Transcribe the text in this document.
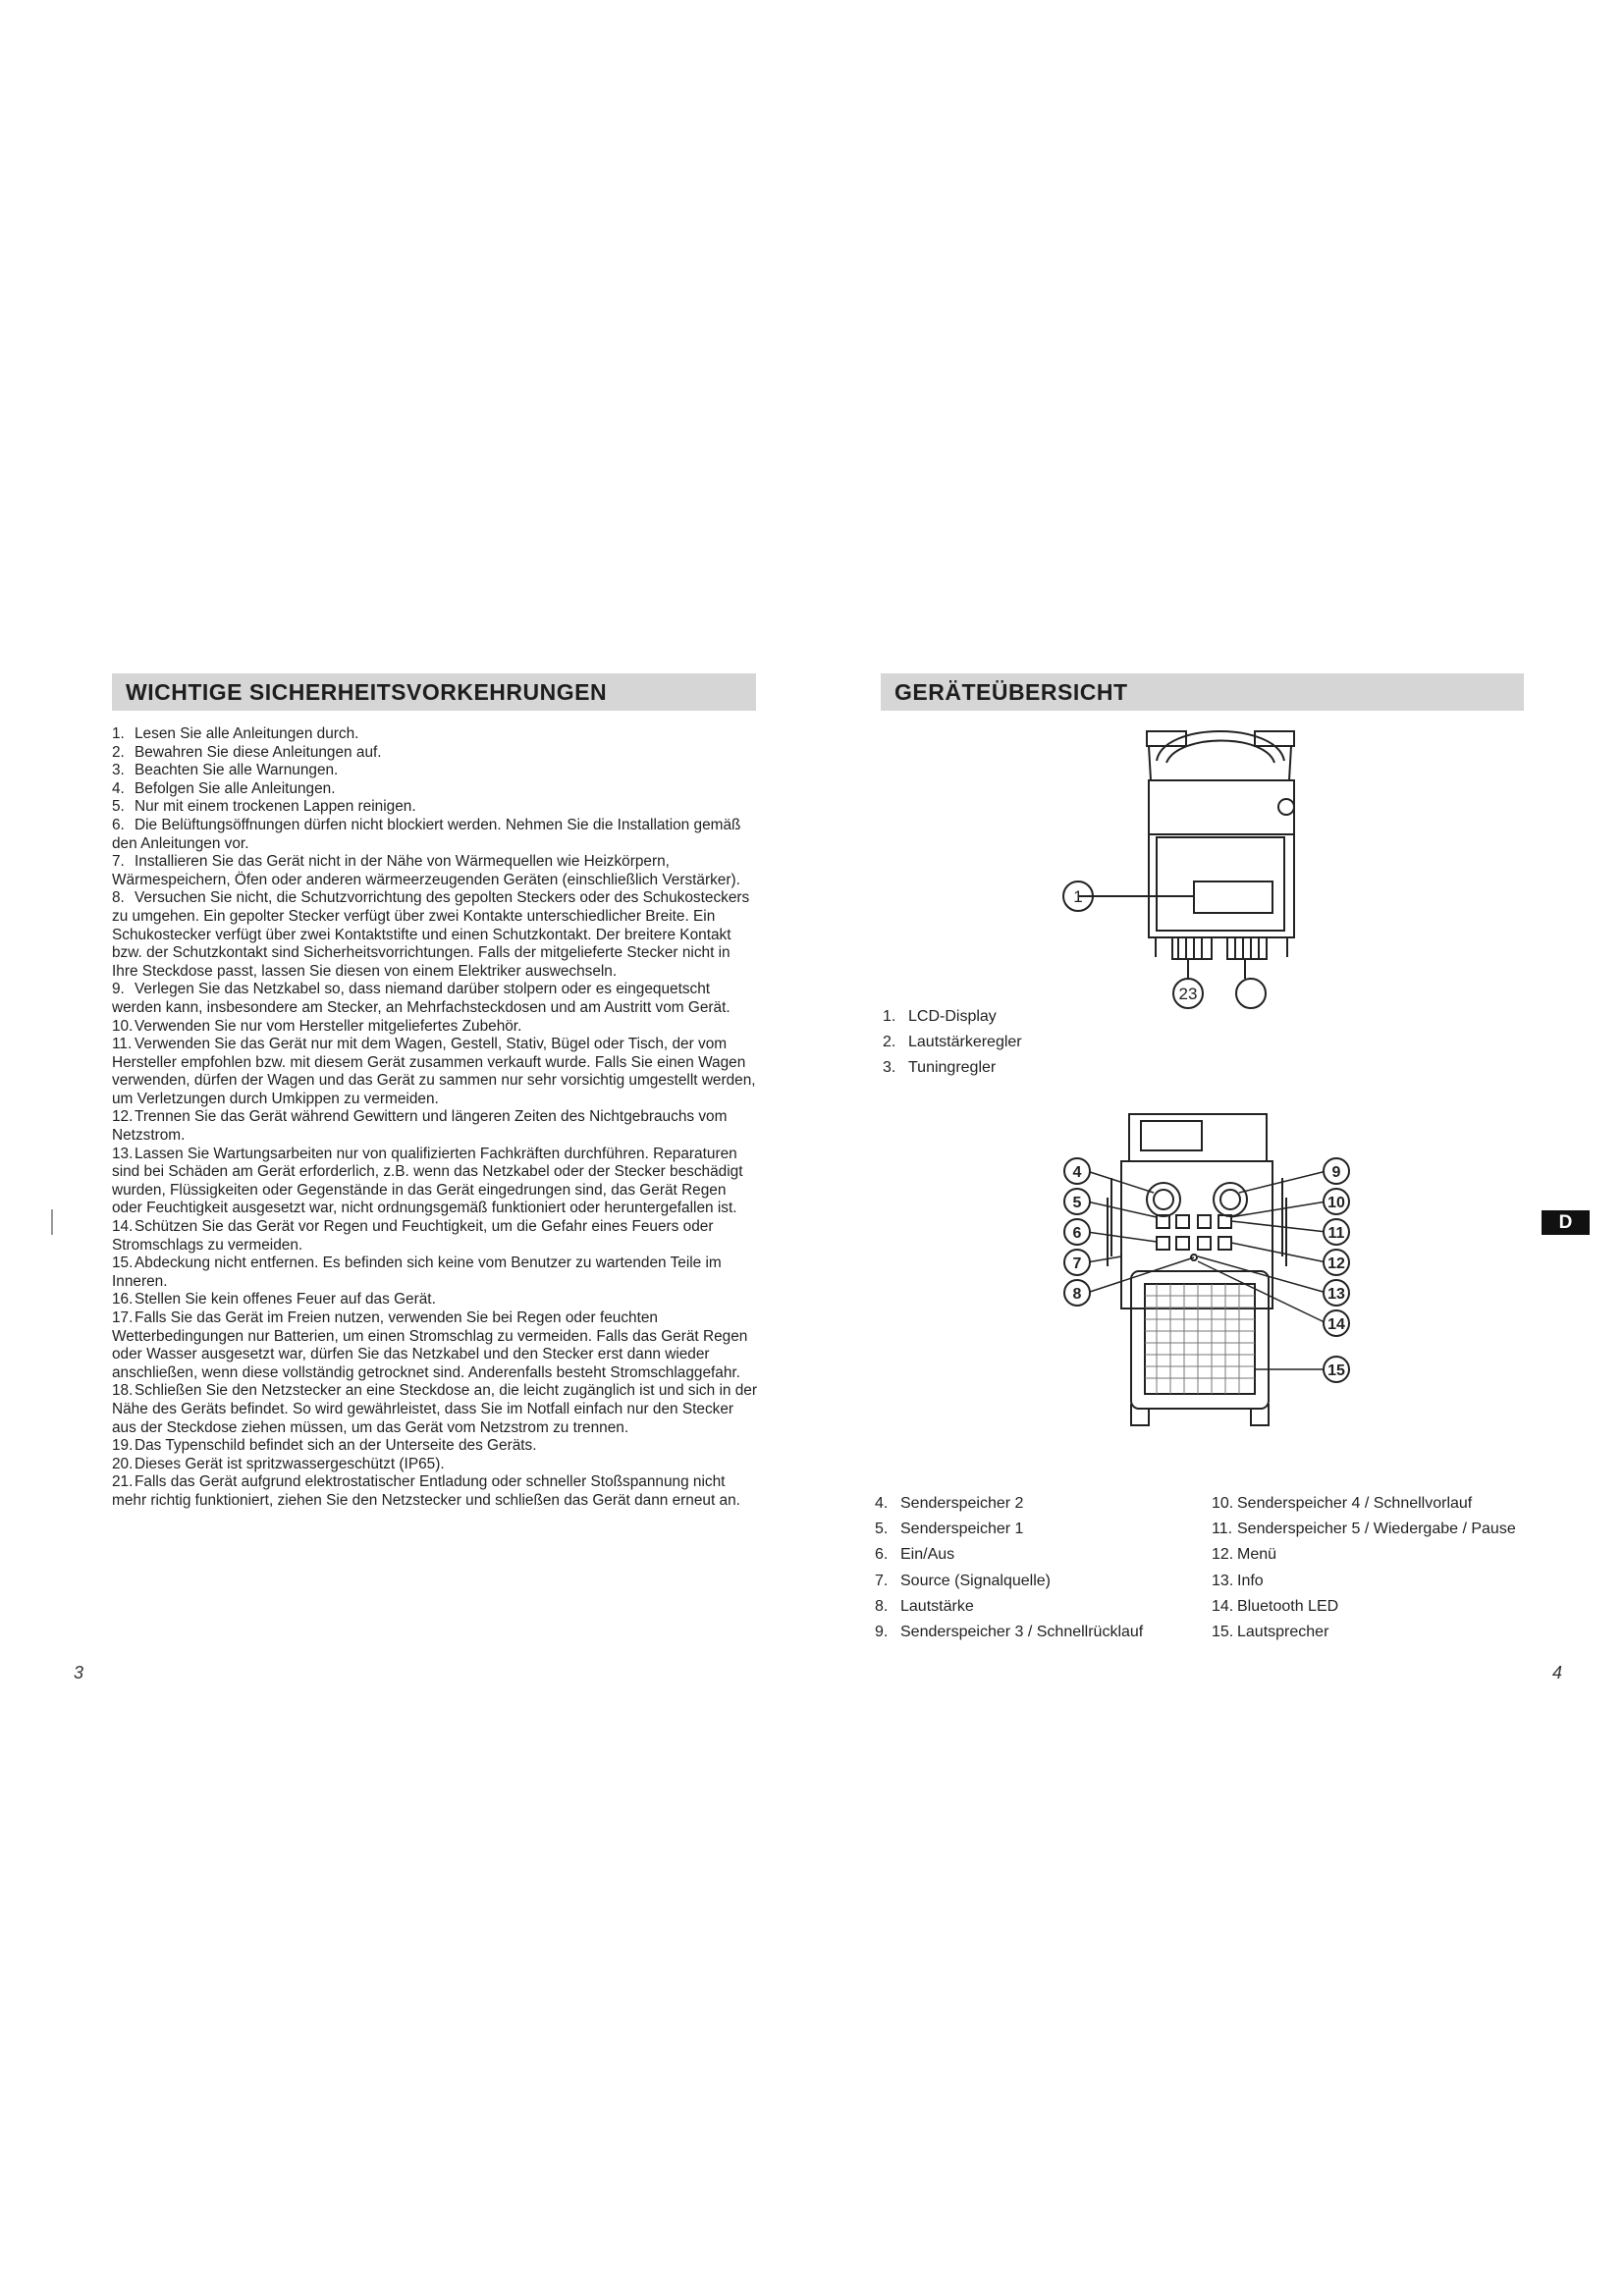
WICHTIGE SICHERHEITSVORKEHRUNGEN
1. Lesen Sie alle Anleitungen durch.
2. Bewahren Sie diese Anleitungen auf.
3. Beachten Sie alle Warnungen.
4. Befolgen Sie alle Anleitungen.
5. Nur mit einem trockenen Lappen reinigen.
6. Die Belüftungsöffnungen dürfen nicht blockiert werden. Nehmen Sie die Installation gemäß den Anleitungen vor.
7. Installieren Sie das Gerät nicht in der Nähe von Wärmequellen wie Heizkörpern, Wärmespeichern, Öfen oder anderen wärmeerzeugenden Geräten (einschließlich Verstärker).
8. Versuchen Sie nicht, die Schutzvorrichtung des gepolten Steckers oder des Schukosteckers zu umgehen. Ein gepolter Stecker verfügt über zwei Kontakte unterschiedlicher Breite. Ein Schukostecker verfügt über zwei Kontaktstifte und einen Schutzkontakt. Der breitere Kontakt bzw. der Schutzkontakt sind Sicherheitsvorrichtungen. Falls der mitgelieferte Stecker nicht in Ihre Steckdose passt, lassen Sie diesen von einem Elektriker auswechseln.
9. Verlegen Sie das Netzkabel so, dass niemand darüber stolpern oder es eingequetscht werden kann, insbesondere am Stecker, an Mehrfachsteckdosen und am Austritt vom Gerät.
10. Verwenden Sie nur vom Hersteller mitgeliefertes Zubehör.
11. Verwenden Sie das Gerät nur mit dem Wagen, Gestell, Stativ, Bügel oder Tisch, der vom Hersteller empfohlen bzw. mit diesem Gerät zusammen verkauft wurde. Falls Sie einen Wagen verwenden, dürfen der Wagen und das Gerät zu sammen nur sehr vorsichtig umgestellt werden, um Verletzungen durch Umkippen zu vermeiden.
12. Trennen Sie das Gerät während Gewittern und längeren Zeiten des Nichtgebrauchs vom Netzstrom.
13. Lassen Sie Wartungsarbeiten nur von qualifizierten Fachkräften durchführen. Reparaturen sind bei Schäden am Gerät erforderlich, z.B. wenn das Netzkabel oder der Stecker beschädigt wurden, Flüssigkeiten oder Gegenstände in das Gerät eingedrungen sind, das Gerät Regen oder Feuchtigkeit ausgesetzt war, nicht ordnungsgemäß funktioniert oder heruntergefallen ist.
14. Schützen Sie das Gerät vor Regen und Feuchtigkeit, um die Gefahr eines Feuers oder Stromschlags zu vermeiden.
15. Abdeckung nicht entfernen. Es befinden sich keine vom Benutzer zu wartenden Teile im Inneren.
16. Stellen Sie kein offenes Feuer auf das Gerät.
17. Falls Sie das Gerät im Freien nutzen, verwenden Sie bei Regen oder feuchten Wetterbedingungen nur Batterien, um einen Stromschlag zu vermeiden. Falls das Gerät Regen oder Wasser ausgesetzt war, dürfen Sie das Netzkabel und den Stecker erst dann wieder anschließen, wenn diese vollständig getrocknet sind. Anderenfalls besteht Stromschlaggefahr.
18. Schließen Sie den Netzstecker an eine Steckdose an, die leicht zugänglich ist und sich in der Nähe des Geräts befindet. So wird gewährleistet, dass Sie im Notfall einfach nur den Stecker aus der Steckdose ziehen müssen, um das Gerät vom Netzstrom zu trennen.
19. Das Typenschild befindet sich an der Unterseite des Geräts.
20. Dieses Gerät ist spritzwassergeschützt (IP65).
21. Falls das Gerät aufgrund elektrostatischer Entladung oder schneller Stoßspannung nicht mehr richtig funktioniert, ziehen Sie den Netzstecker und schließen das Gerät dann erneut an.
3
GERÄTEÜBERSICHT
1
23
1. LCD-Display
2. Lautstärkeregler
3. Tuningregler
4
5
6
7
8
9
10
11
12
13
14
15
4. Senderspeicher 2
5. Senderspeicher 1
6. Ein/Aus
7. Source (Signalquelle)
8. Lautstärke
9. Senderspeicher 3 / Schnellrücklauf
10. Senderspeicher 4 / Schnellvorlauf
11. Senderspeicher 5 / Wiedergabe / Pause
12. Menü
13. Info
14. Bluetooth LED
15. Lautsprecher
D
4
